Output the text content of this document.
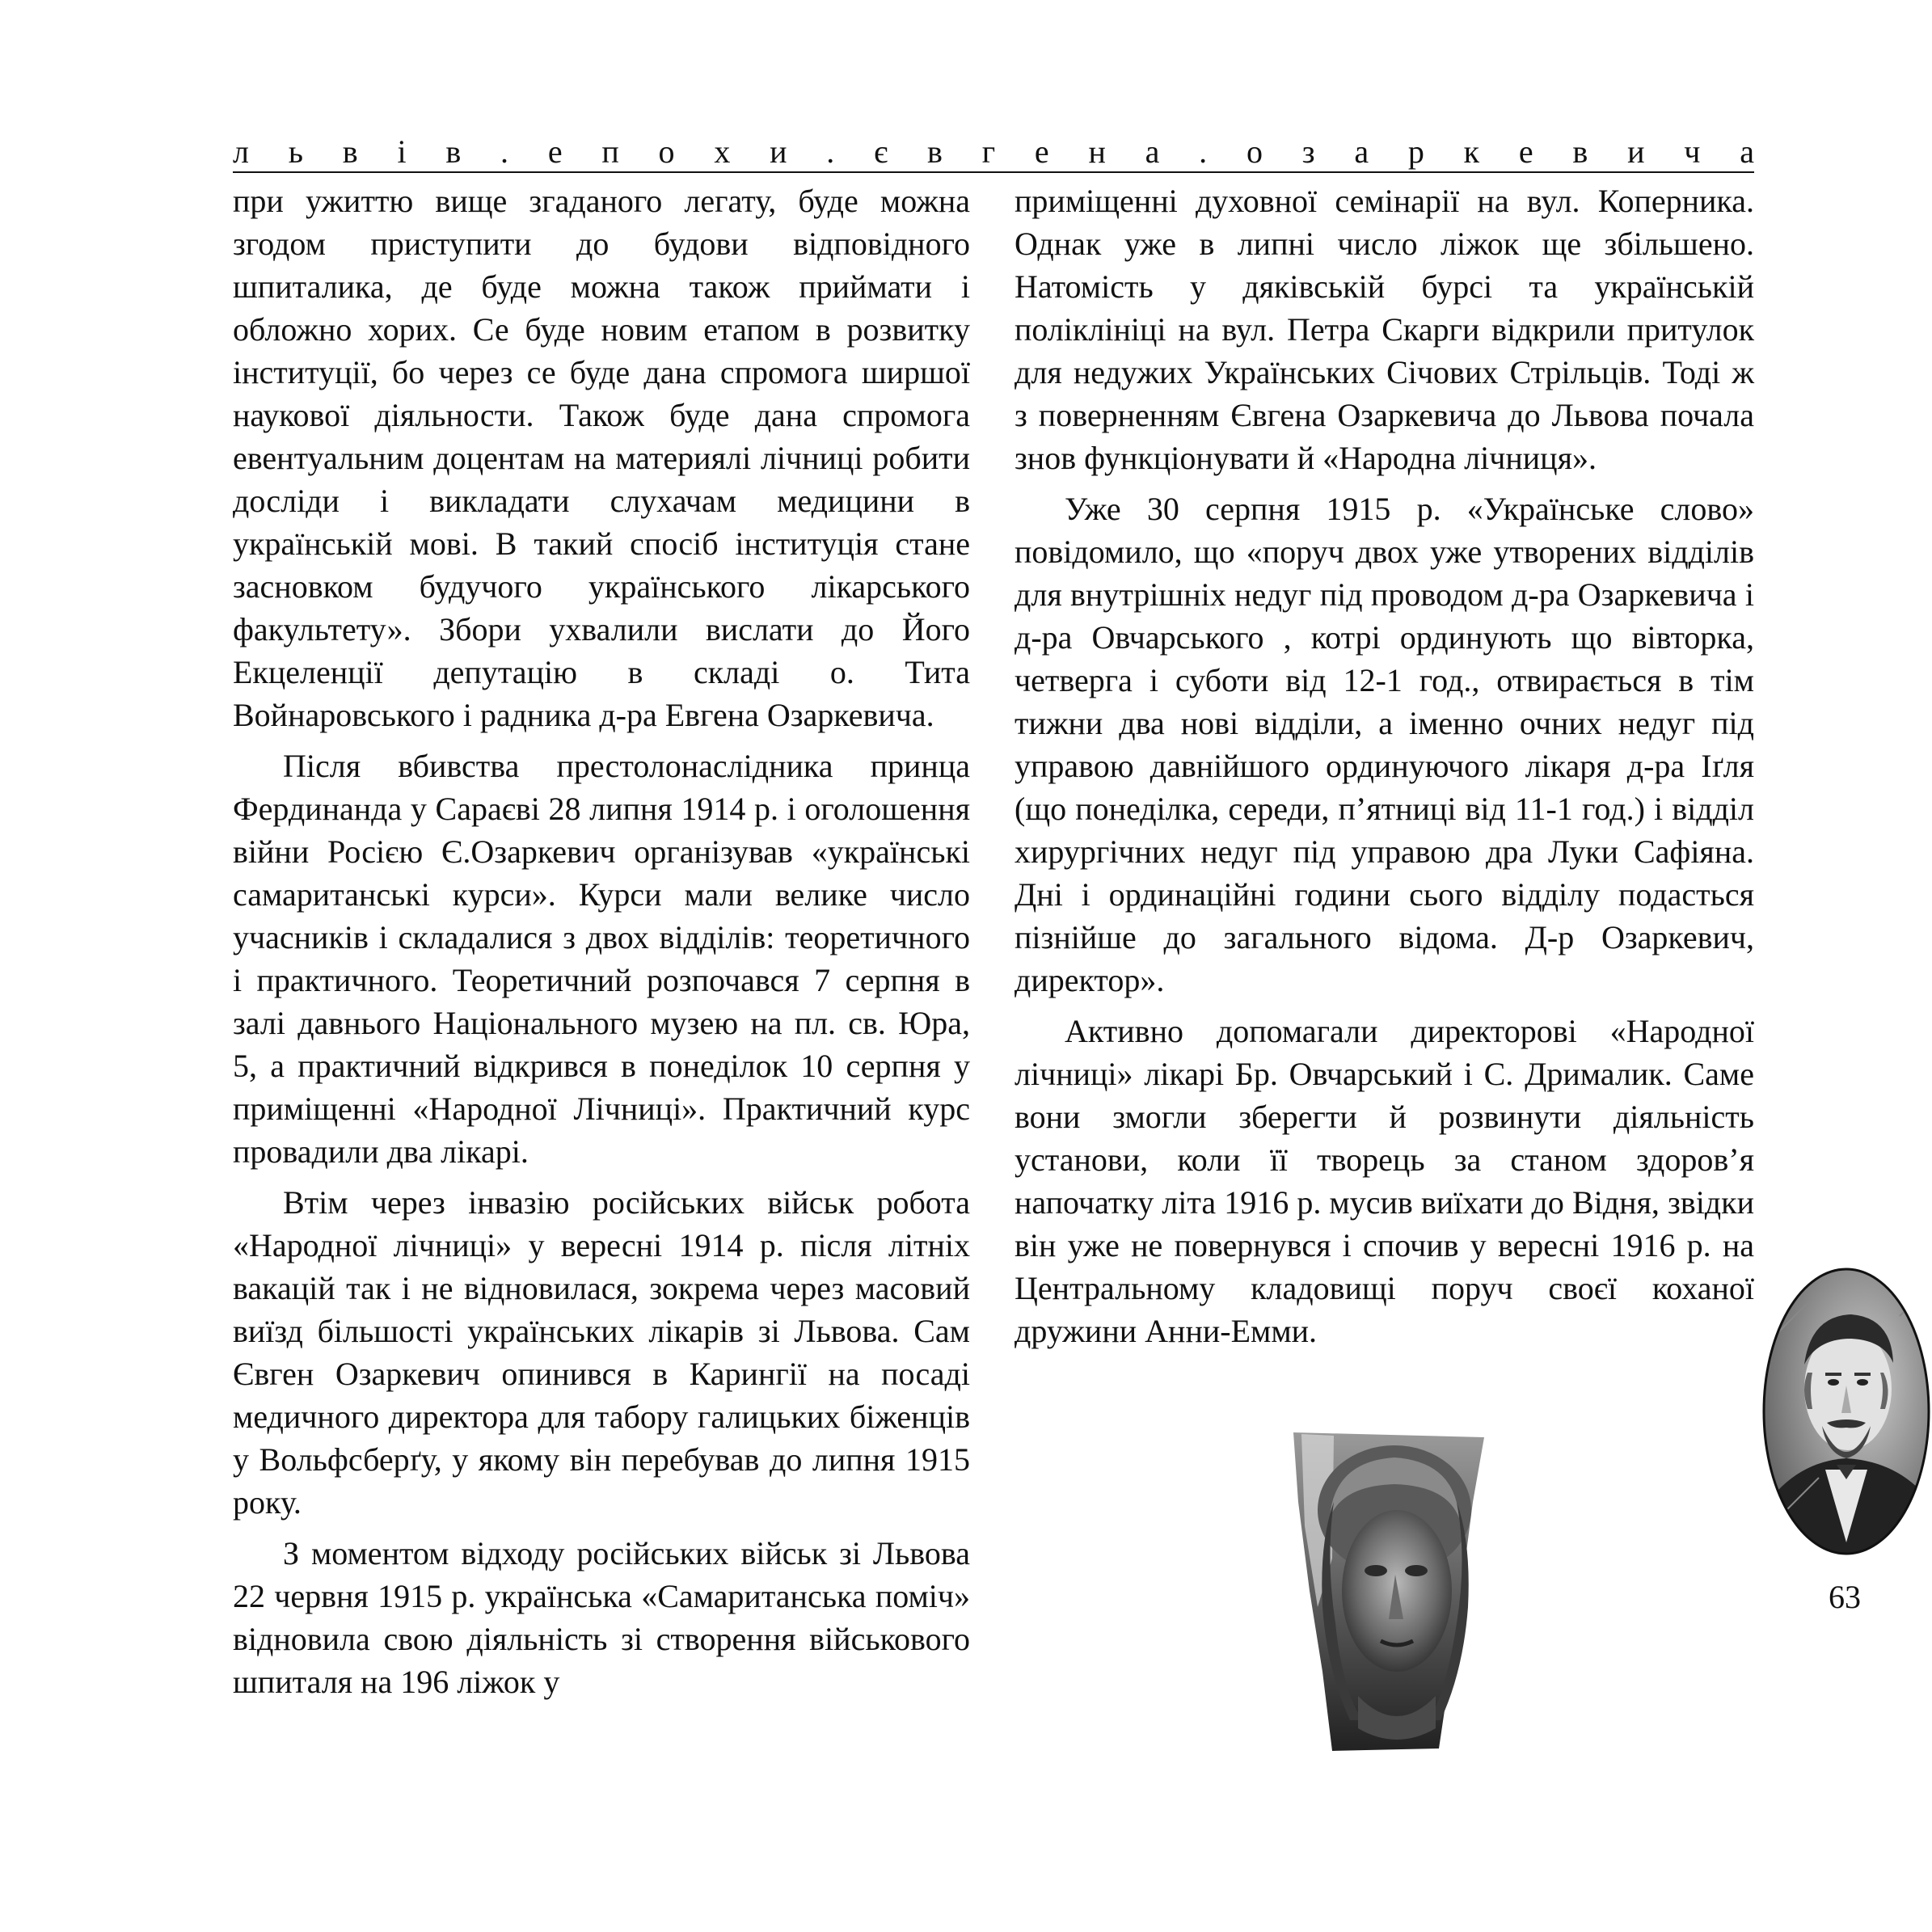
л ь в і в . е п о х и . є в г е н а . о з а р к е в и ч а

при ужиттю вище згаданого легату, буде можна згодом приступити до будови відповідного шпиталика, де буде можна також приймати і обложно хорих. Се буде новим етапом в розвитку інституції, бо через се буде дана спромога ширшої наукової діяльности. Також буде дана спромога евентуальним доцентам на материялі лічниці робити досліди і викладати слухачам медицини в українській мові. В такий спосіб інституція стане засновком будучого українського лікарського факультету». Збори ухвалили вислати до Його Екцеленції депутацію в складі о. Тита Войнаровського і радника д-ра Евгена Озаркевича.

Після вбивства престолонаслідника принца Фердинанда у Сараєві 28 липня 1914 р. і оголошення війни Росією Є.Озаркевич організував «українські самаританські курси». Курси мали велике число учасників і складалися з двох відділів: теоретичного і практичного. Теоретичний розпочався 7 серпня в залі давнього Національного музею на пл. св. Юра, 5, а практичний відкрився в понеділок 10 серпня у приміщенні «Народної Лічниці». Практичний курс провадили два лікарі.

Втім через інвазію російських військ робота «Народної лічниці» у вересні 1914 р. після літніх вакацій так і не відновилася, зокрема через масовий виїзд більшості українських лікарів зі Львова. Сам Євген Озаркевич опинився в Карингії на посаді медичного директора для табору галицьких біженців у Вольфсберґу, у якому він перебував до липня 1915 року.

З моментом відходу російських військ зі Львова 22 червня 1915 р. українська «Самаританська поміч» відновила свою діяльність зі створення військового шпиталя на 196 ліжок у

приміщенні духовної семінарії на вул. Коперника. Однак уже в липні число ліжок ще збільшено. Натомість у дяківській бурсі та українській поліклініці на вул. Петра Скарги відкрили притулок для недужих Українських Січових Стрільців. Тоді ж з поверненням Євгена Озаркевича до Львова почала знов функціонувати й «Народна лічниця».

Уже 30 серпня 1915 р. «Українське слово» повідомило, що «поруч двох уже утворених відділів для внутрішніх недуг під проводом д-ра Озаркевича і д-ра Овчарського , котрі ординують що вівторка, четверга і суботи від 12-1 год., отвирається в тім тижни два нові відділи, а іменно очних недуг під управою давнійшого ординуючого лікаря д-ра Іґля (що понеділка, середи, п’ятниці від 11-1 год.) і відділ хирургічних недуг під управою дра Луки Сафіяна. Дні і ординаційні години сього відділу подасться пізнійше до загального відома. Д-р Озаркевич, директор».

Активно допомагали директорові «Народної лічниці» лікарі Бр. Овчарський і С. Дрималик. Саме вони змогли зберегти й розвинути діяльність установи, коли її творець за станом здоров’я напочатку літа 1916 р. мусив виїхати до Відня, звідки він уже не повернувся і спочив у вересні 1916 р. на Центральному кладовищі поруч своєї коханої дружини Анни-Емми.

63
